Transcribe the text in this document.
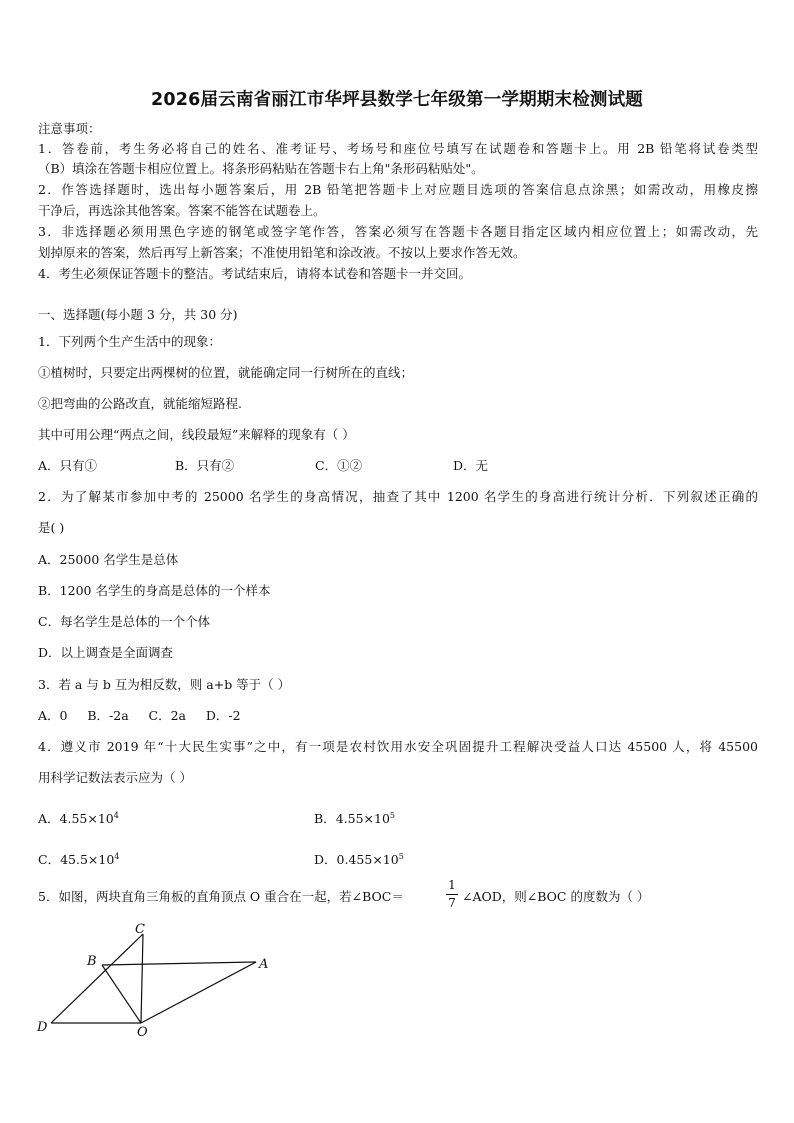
2026届云南省丽江市华坪县数学七年级第一学期期末检测试题
注意事项：
1．答卷前，考生务必将自己的姓名、准考证号、考场号和座位号填写在试题卷和答题卡上。用 2B 铅笔将试卷类型
（B）填涂在答题卡相应位置上。将条形码粘贴在答题卡右上角"条形码粘贴处"。
2．作答选择题时，选出每小题答案后，用 2B 铅笔把答题卡上对应题目选项的答案信息点涂黑；如需改动，用橡皮擦
干净后，再选涂其他答案。答案不能答在试题卷上。
3．非选择题必须用黑色字迹的钢笔或签字笔作答，答案必须写在答题卡各题目指定区域内相应位置上；如需改动，先
划掉原来的答案，然后再写上新答案；不准使用铅笔和涂改液。不按以上要求作答无效。
4．考生必须保证答题卡的整洁。考试结束后，请将本试卷和答题卡一并交回。
一、选择题(每小题 3 分，共 30 分)
1．下列两个生产生活中的现象：
①植树时，只要定出两棵树的位置，就能确定同一行树所在的直线；
②把弯曲的公路改直，就能缩短路程.
其中可用公理“两点之间，线段最短”来解释的现象有（ ）
A．只有①	B．只有②	C．①②	D．无
2．为了解某市参加中考的 25000 名学生的身高情况，抽查了其中 1200 名学生的身高进行统计分析．下列叙述正确的
是( )
A．25000 名学生是总体
B．1200 名学生的身高是总体的一个样本
C．每名学生是总体的一个个体
D．以上调查是全面调查
3．若 a 与 b 互为相反数，则 a+b 等于（ ）
A．0     B．-2a     C．2a     D．-2
4．遵义市 2019 年“十大民生实事”之中，有一项是农村饮用水安全巩固提升工程解决受益人口达 45500 人，将 45500
用科学记数法表示应为（ ）
A．$4.55\times 10^4$	B．$4.55\times 10^5$
C．$45.5\times 10^4$	D．$0.455\times 10^5$
5．如图，两块直角三角板的直角顶点 O 重合在一起，若∠BOC＝
1
7 ∠AOD，则∠BOC 的度数为（ ）
C
B	A
D	O
